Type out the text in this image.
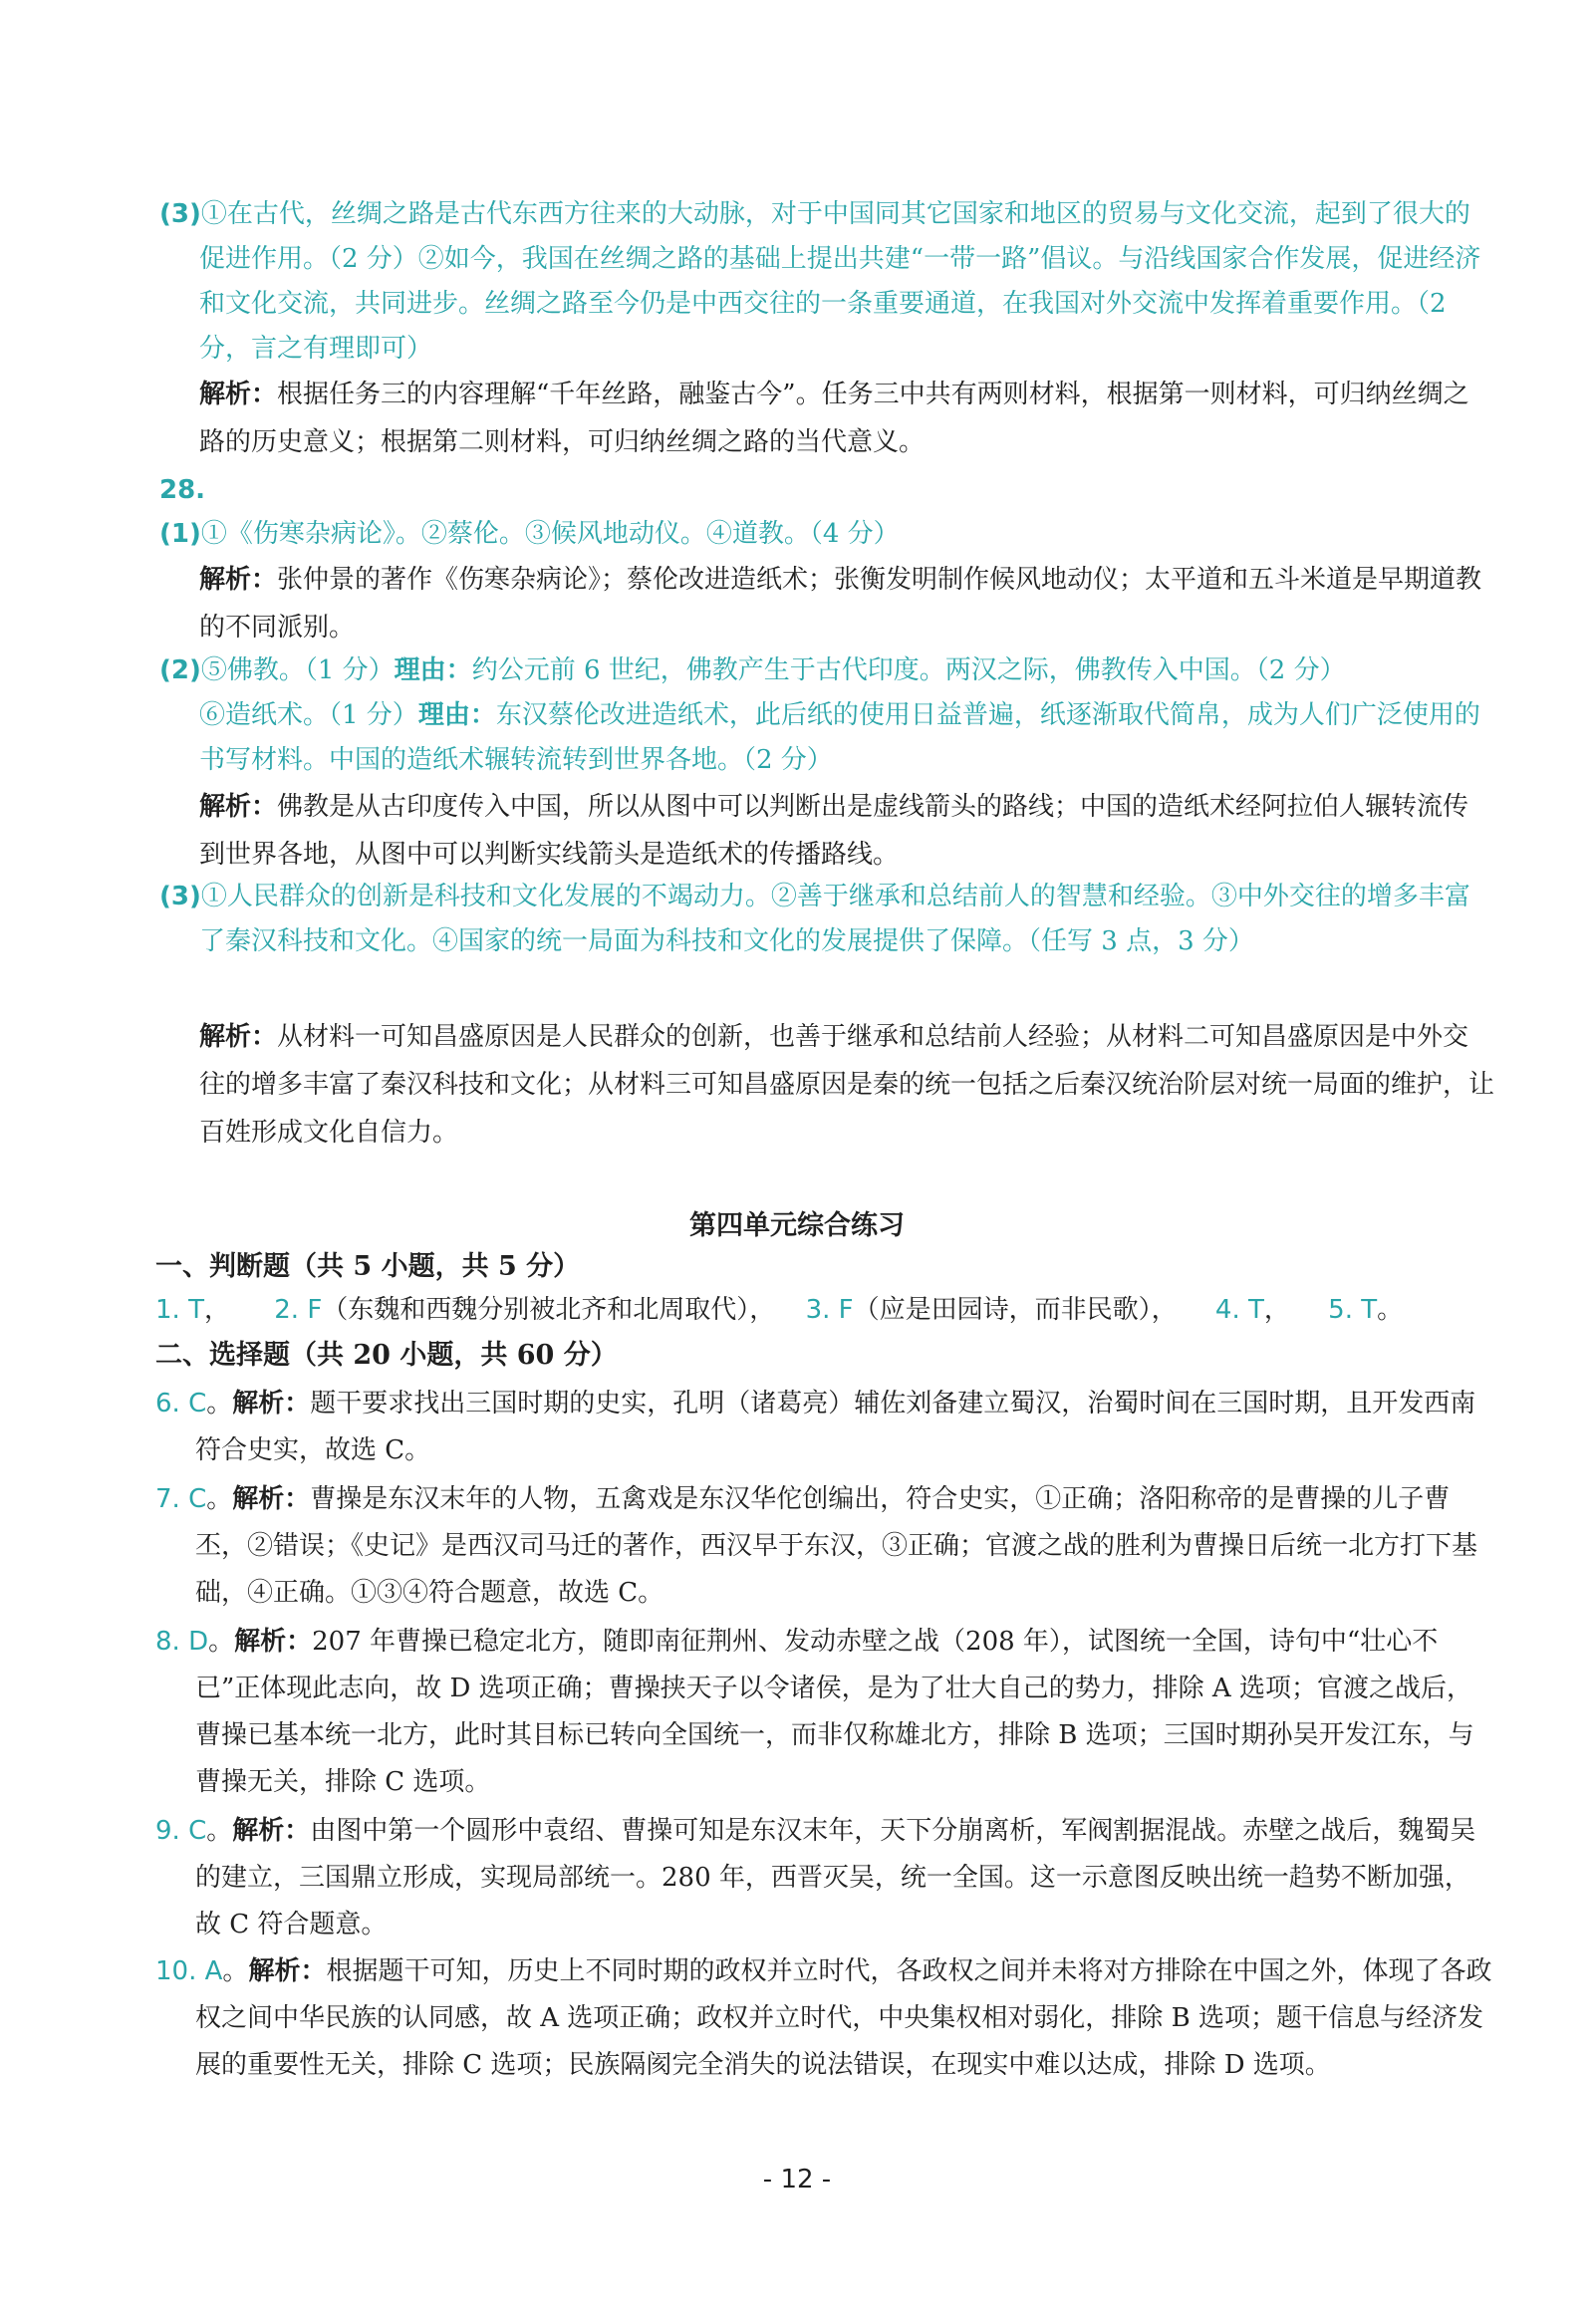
(3)①在古代，丝绸之路是古代东西方往来的大动脉，对于中国同其它国家和地区的贸易与文化交流，起到了很大的促进作用。（2 分）②如今，我国在丝绸之路的基础上提出共建“一带一路”倡议。与沿线国家合作发展，促进经济和文化交流，共同进步。丝绸之路至今仍是中西交往的一条重要通道，在我国对外交流中发挥着重要作用。（2 分，言之有理即可）
解析：根据任务三的内容理解“千年丝路，融鉴古今”。任务三中共有两则材料，根据第一则材料，可归纳丝绸之路的历史意义；根据第二则材料，可归纳丝绸之路的当代意义。
28.
(1)①《伤寒杂病论》。②蔡伦。③候风地动仪。④道教。（4 分）
解析：张仲景的著作《伤寒杂病论》；蔡伦改进造纸术；张衡发明制作候风地动仪；太平道和五斗米道是早期道教的不同派别。
(2)⑤佛教。（1 分）理由：约公元前 6 世纪，佛教产生于古代印度。两汉之际，佛教传入中国。（2 分）
⑥造纸术。（1 分）理由：东汉蔡伦改进造纸术，此后纸的使用日益普遍，纸逐渐取代简帛，成为人们广泛使用的书写材料。中国的造纸术辗转流转到世界各地。（2 分）
解析：佛教是从古印度传入中国，所以从图中可以判断出是虚线箭头的路线；中国的造纸术经阿拉伯人辗转流传到世界各地，从图中可以判断实线箭头是造纸术的传播路线。
(3)①人民群众的创新是科技和文化发展的不竭动力。②善于继承和总结前人的智慧和经验。③中外交往的增多丰富了秦汉科技和文化。④国家的统一局面为科技和文化的发展提供了保障。（任写 3 点，3 分）
解析：从材料一可知昌盛原因是人民群众的创新，也善于继承和总结前人经验；从材料二可知昌盛原因是中外交往的增多丰富了秦汉科技和文化；从材料三可知昌盛原因是秦的统一包括之后秦汉统治阶层对统一局面的维护，让百姓形成文化自信力。
第四单元综合练习
一、判断题（共 5 小题，共 5 分）
1. T， 2. F（东魏和西魏分别被北齐和北周取代）， 3. F（应是田园诗，而非民歌）， 4. T， 5. T。
二、选择题（共 20 小题，共 60 分）
6. C。解析：题干要求找出三国时期的史实，孔明（诸葛亮）辅佐刘备建立蜀汉，治蜀时间在三国时期，且开发西南符合史实，故选 C。
7. C。解析：曹操是东汉末年的人物，五禽戏是东汉华佗创编出，符合史实，①正确；洛阳称帝的是曹操的儿子曹丕，②错误；《史记》是西汉司马迁的著作，西汉早于东汉，③正确；官渡之战的胜利为曹操日后统一北方打下基础，④正确。①③④符合题意，故选 C。
8. D。解析：207 年曹操已稳定北方，随即南征荆州、发动赤壁之战（208 年），试图统一全国，诗句中“壮心不已”正体现此志向，故 D 选项正确；曹操挟天子以令诸侯，是为了壮大自己的势力，排除 A 选项；官渡之战后，曹操已基本统一北方，此时其目标已转向全国统一，而非仅称雄北方，排除 B 选项；三国时期孙吴开发江东，与曹操无关，排除 C 选项。
9. C。解析：由图中第一个圆形中袁绍、曹操可知是东汉末年，天下分崩离析，军阀割据混战。赤壁之战后，魏蜀吴的建立，三国鼎立形成，实现局部统一。280 年，西晋灭吴，统一全国。这一示意图反映出统一趋势不断加强，故 C 符合题意。
10. A。解析：根据题干可知，历史上不同时期的政权并立时代，各政权之间并未将对方排除在中国之外，体现了各政权之间中华民族的认同感，故 A 选项正确；政权并立时代，中央集权相对弱化，排除 B 选项；题干信息与经济发展的重要性无关，排除 C 选项；民族隔阂完全消失的说法错误，在现实中难以达成，排除 D 选项。
- 12 -
